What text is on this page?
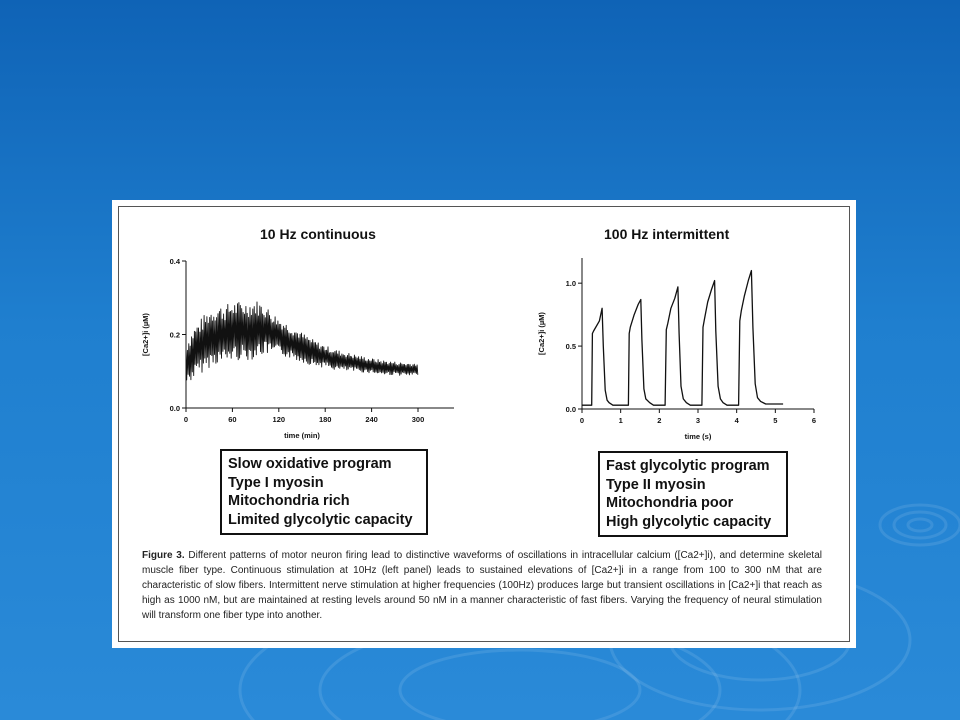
10 Hz continuous	100 Hz intermittent
0.0
0.2
0.4
0	60	120	180	240	300
time (min)
[Ca2+]i (µM)
0.0
0.5
1.0
0	1	2	3	4	5	6
time (s)
[Ca2+]i (µM)
Slow oxidative program
Type I myosin
Mitochondria rich
Limited glycolytic capacity
Fast glycolytic program
Type II myosin
Mitochondria poor
High glycolytic capacity
Figure 3. Different patterns of motor neuron firing lead to distinctive waveforms of oscillations in intracellular calcium ([Ca2+]i), and determine skeletal muscle fiber type. Continuous stimulation at 10Hz (left panel) leads to sustained elevations of [Ca2+]i in a range from 100 to 300 nM that are characteristic of slow fibers. Intermittent nerve stimulation at higher frequencies (100Hz) produces large but transient oscillations in [Ca2+]i that reach as high as 1000 nM, but are maintained at resting levels around 50 nM in a manner characteristic of fast fibers. Varying the frequency of neural stimulation will transform one fiber type into another.
